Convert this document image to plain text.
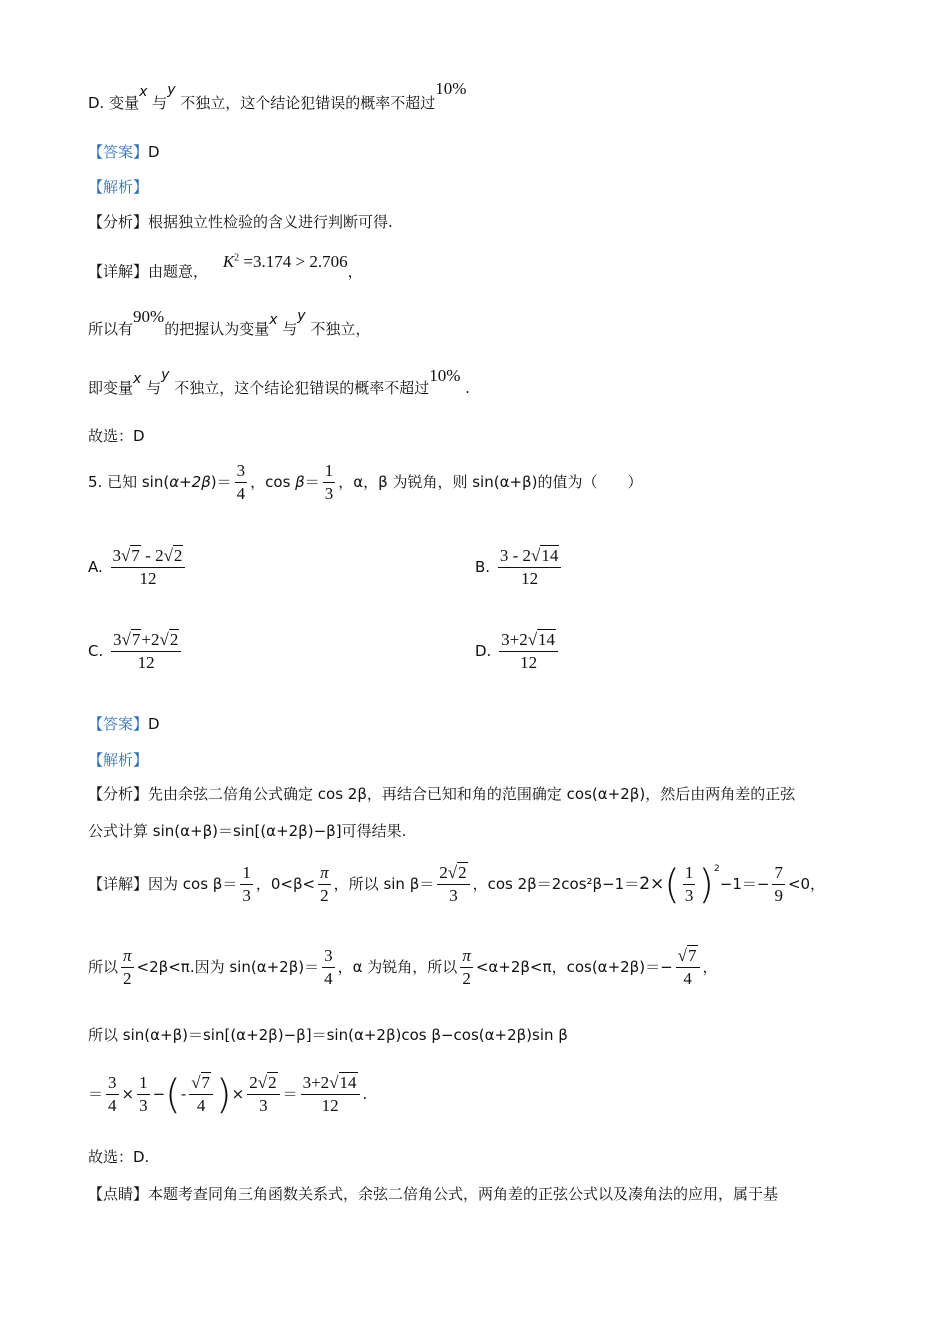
D. 变量x 与y 不独立，这个结论犯错误的概率不超过10%
【答案】D
【解析】
【分析】根据独立性检验的含义进行判断可得.
【详解】由题意， $K^2 =3.174 > 2.706$，
所以有90%的把握认为变量x 与y 不独立，
即变量x 与y 不独立，这个结论犯错误的概率不超过10% .
故选：D
5. 已知 $\sin(\alpha+2\beta)= \frac{3}{4}$ ，$\cos \beta= \frac{1}{3}$ ，α，β 为锐角，则 sin(α+β)的值为（　　）
A. $\frac{3√7 - 2√2}{12}$	B. $\frac{3 - 2√14}{12}$
C. $\frac{3√7+2√2}{12}$	D. $\frac{3+2√14}{12}$
【答案】D
【解析】
【分析】先由余弦二倍角公式确定 cos 2β，再结合已知和角的范围确定 cos(α+2β)，然后由两角差的正弦
公式计算 sin(α+β)＝sin[(α+2β)−β]可得结果.
【详解】因为 $\cos \beta= \frac{1}{3}$ ，$0<\beta< \frac{\pi}{2}$ ，所以 $\sin \beta= \frac{2√2}{3}$ ，$\cos 2\beta=2\cos^2\beta-1=2\times( \frac{1}{3} )^2-1=- \frac{7}{9} <0$，
所以 $\frac{\pi}{2} <2\beta<\pi$.因为 $\sin(\alpha+2\beta)= \frac{3}{4}$ ，α 为锐角，所以 $\frac{\pi}{2} <\alpha+2\beta<\pi$，$\cos(\alpha+2\beta)=- \frac{√7}{4}$ ，
所以 sin(α+β)＝sin[(α+2β)−β]＝sin(α+2β)cos β−cos(α+2β)sin β
＝ $\frac{3}{4} \times \frac{1}{3}$ −(- $\frac{√7}{4}$ )× $\frac{2√2}{3} = \frac{3+2√14}{12}$ .
故选：D.
【点睛】本题考查同角三角函数关系式，余弦二倍角公式，两角差的正弦公式以及凑角法的应用，属于基
